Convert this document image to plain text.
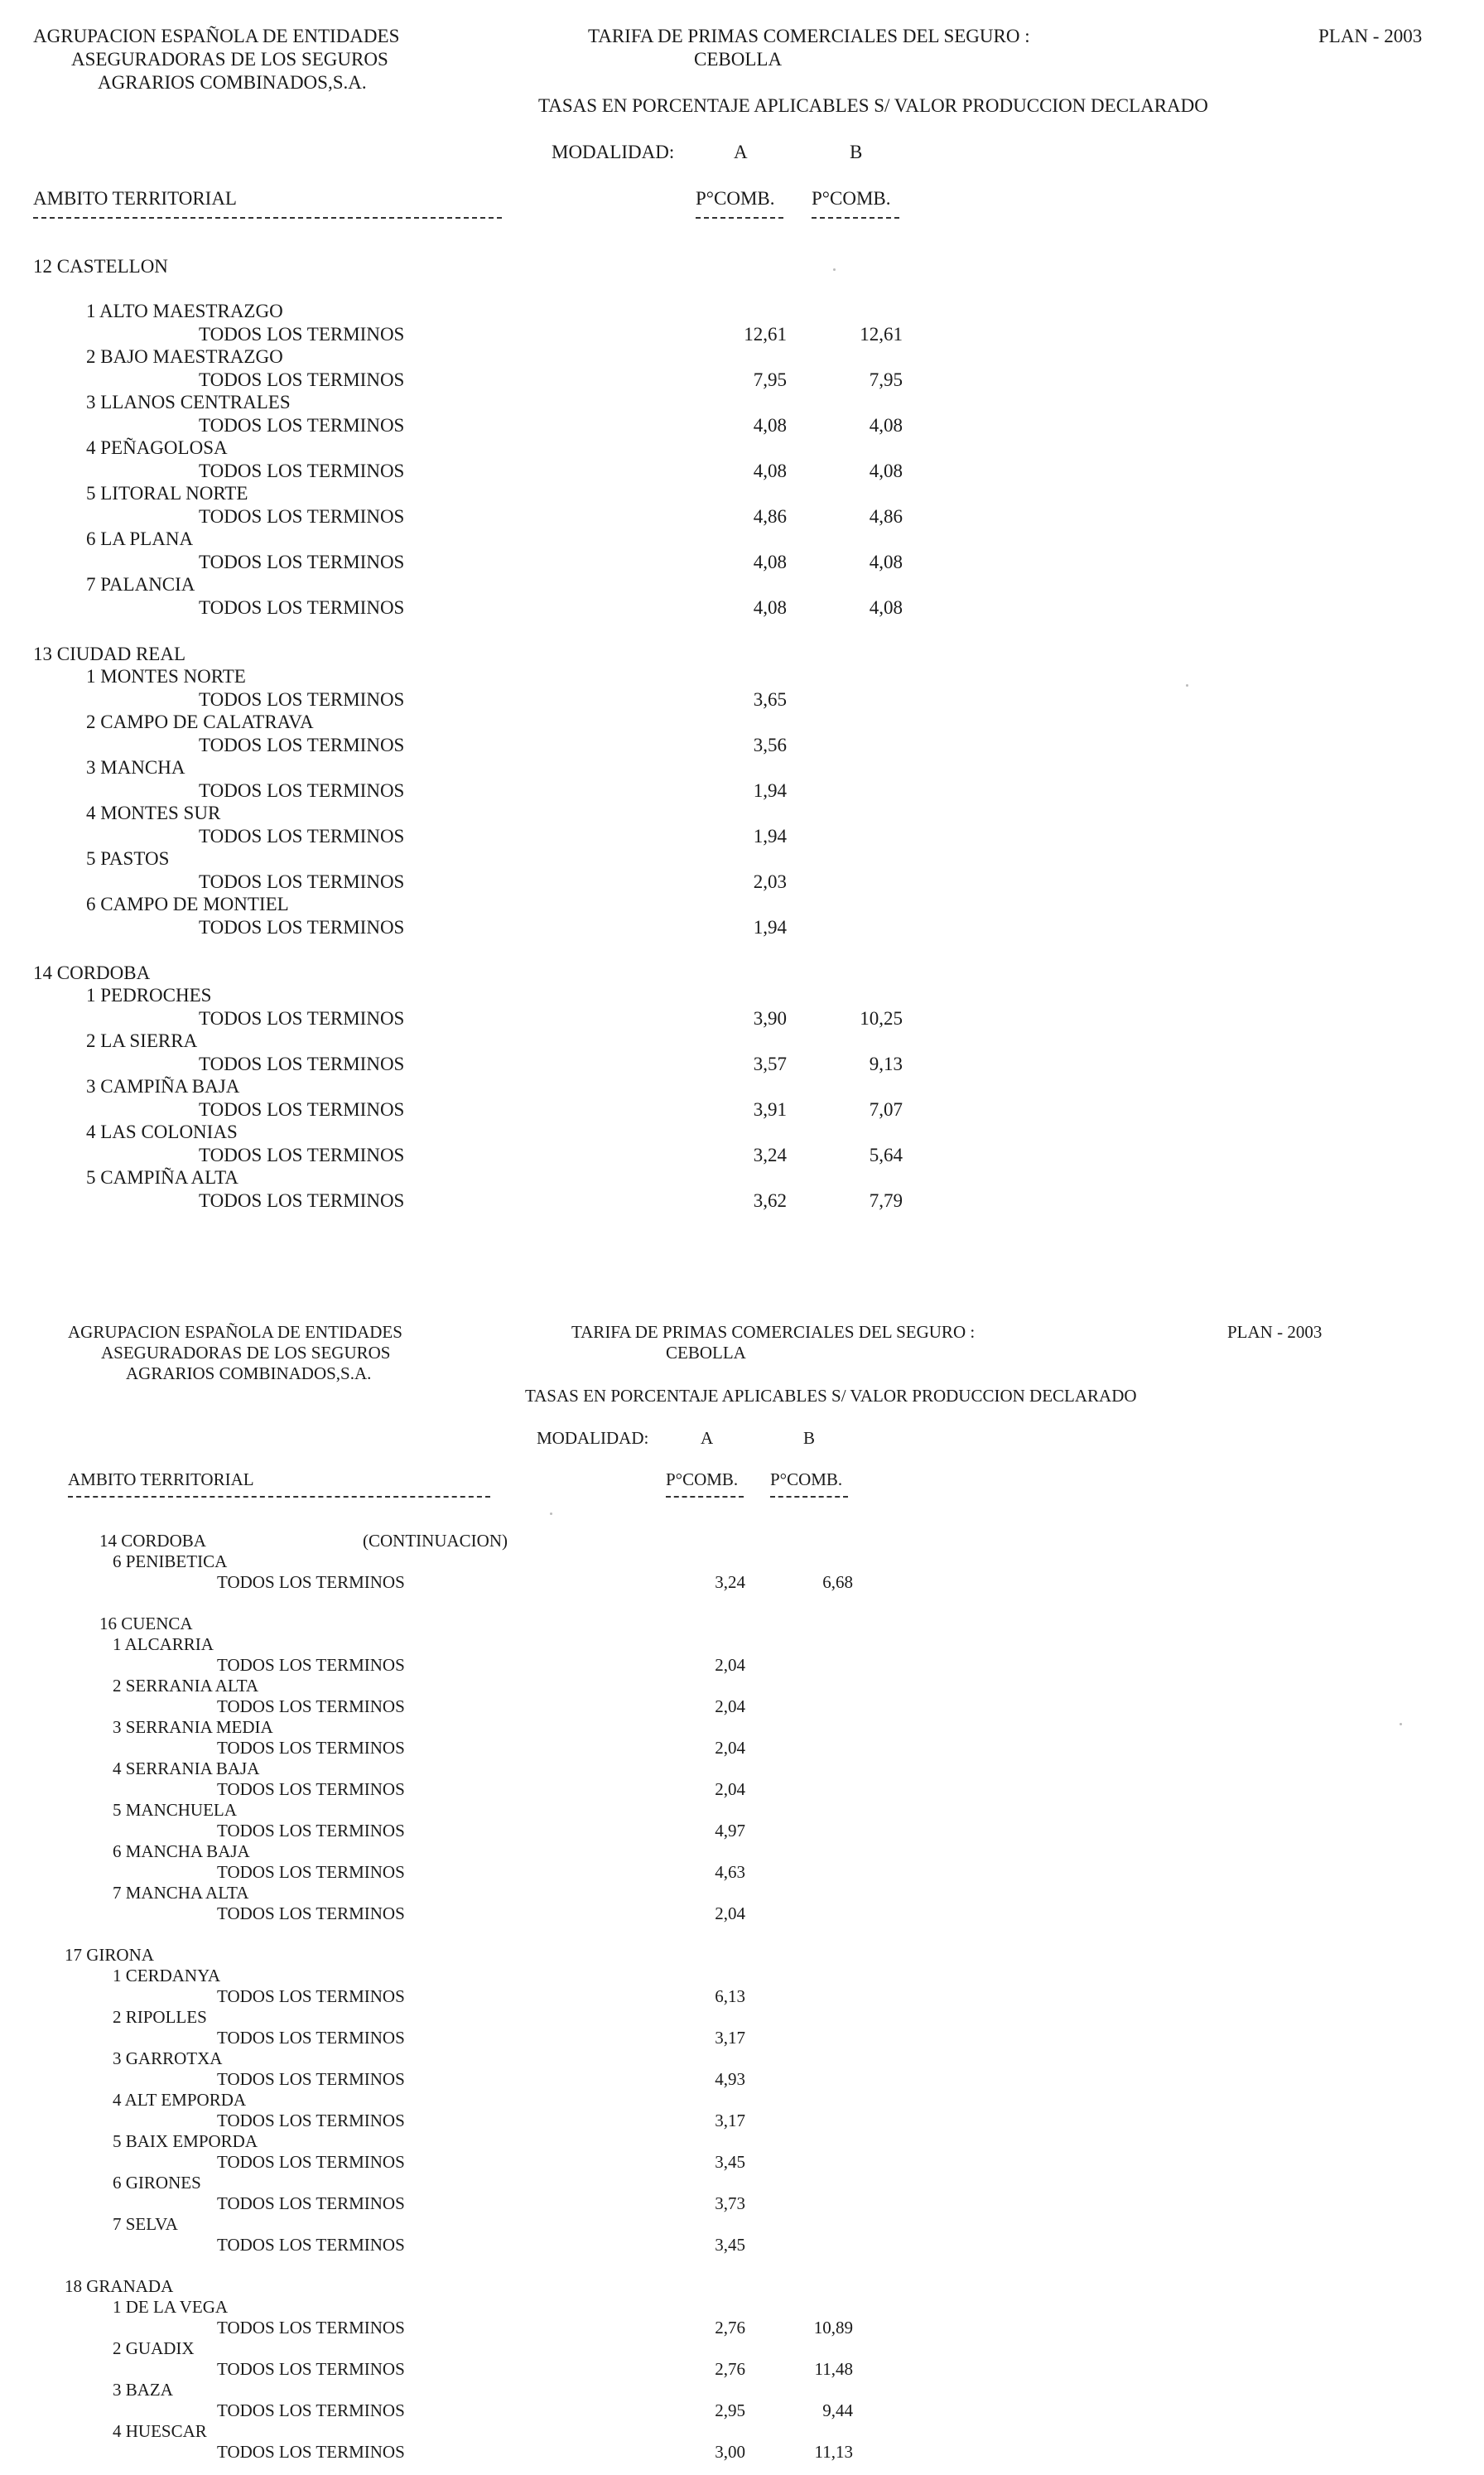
AGRUPACION ESPAÑOLA DE ENTIDADES
ASEGURADORAS DE LOS SEGUROS
AGRARIOS COMBINADOS,S.A.
TARIFA DE PRIMAS COMERCIALES DEL SEGURO :
CEBOLLA
PLAN - 2003
TASAS EN PORCENTAJE APLICABLES S/ VALOR PRODUCCION DECLARADO
MODALIDAD:	A	B
AMBITO TERRITORIAL	P°COMB. P°COMB.
12 CASTELLON
1 ALTO MAESTRAZGO
TODOS LOS TERMINOS	12,61	12,61
2 BAJO MAESTRAZGO
TODOS LOS TERMINOS	7,95	7,95
3 LLANOS CENTRALES
TODOS LOS TERMINOS	4,08	4,08
4 PEÑAGOLOSA
TODOS LOS TERMINOS	4,08	4,08
5 LITORAL NORTE
TODOS LOS TERMINOS	4,86	4,86
6 LA PLANA
TODOS LOS TERMINOS	4,08	4,08
7 PALANCIA
TODOS LOS TERMINOS	4,08	4,08
13 CIUDAD REAL
1 MONTES NORTE
TODOS LOS TERMINOS	3,65
2 CAMPO DE CALATRAVA
TODOS LOS TERMINOS	3,56
3 MANCHA
TODOS LOS TERMINOS	1,94
4 MONTES SUR
TODOS LOS TERMINOS	1,94
5 PASTOS
TODOS LOS TERMINOS	2,03
6 CAMPO DE MONTIEL
TODOS LOS TERMINOS	1,94
14 CORDOBA
1 PEDROCHES
TODOS LOS TERMINOS	3,90	10,25
2 LA SIERRA
TODOS LOS TERMINOS	3,57	9,13
3 CAMPIÑA BAJA
TODOS LOS TERMINOS	3,91	7,07
4 LAS COLONIAS
TODOS LOS TERMINOS	3,24	5,64
5 CAMPIÑA ALTA
TODOS LOS TERMINOS	3,62	7,79
AGRUPACION ESPAÑOLA DE ENTIDADES
ASEGURADORAS DE LOS SEGUROS
AGRARIOS COMBINADOS,S.A.
TARIFA DE PRIMAS COMERCIALES DEL SEGURO :
CEBOLLA
PLAN - 2003
TASAS EN PORCENTAJE APLICABLES S/ VALOR PRODUCCION DECLARADO
MODALIDAD:	A	B
AMBITO TERRITORIAL	P°COMB. P°COMB.
14 CORDOBA	(CONTINUACION)
6 PENIBETICA
TODOS LOS TERMINOS	3,24	6,68
16 CUENCA
1 ALCARRIA
TODOS LOS TERMINOS	2,04
2 SERRANIA ALTA
TODOS LOS TERMINOS	2,04
3 SERRANIA MEDIA
TODOS LOS TERMINOS	2,04
4 SERRANIA BAJA
TODOS LOS TERMINOS	2,04
5 MANCHUELA
TODOS LOS TERMINOS	4,97
6 MANCHA BAJA
TODOS LOS TERMINOS	4,63
7 MANCHA ALTA
TODOS LOS TERMINOS	2,04
17 GIRONA
1 CERDANYA
TODOS LOS TERMINOS	6,13
2 RIPOLLES
TODOS LOS TERMINOS	3,17
3 GARROTXA
TODOS LOS TERMINOS	4,93
4 ALT EMPORDA
TODOS LOS TERMINOS	3,17
5 BAIX EMPORDA
TODOS LOS TERMINOS	3,45
6 GIRONES
TODOS LOS TERMINOS	3,73
7 SELVA
TODOS LOS TERMINOS	3,45
18 GRANADA
1 DE LA VEGA
TODOS LOS TERMINOS	2,76	10,89
2 GUADIX
TODOS LOS TERMINOS	2,76	11,48
3 BAZA
TODOS LOS TERMINOS	2,95	9,44
4 HUESCAR
TODOS LOS TERMINOS	3,00	11,13
